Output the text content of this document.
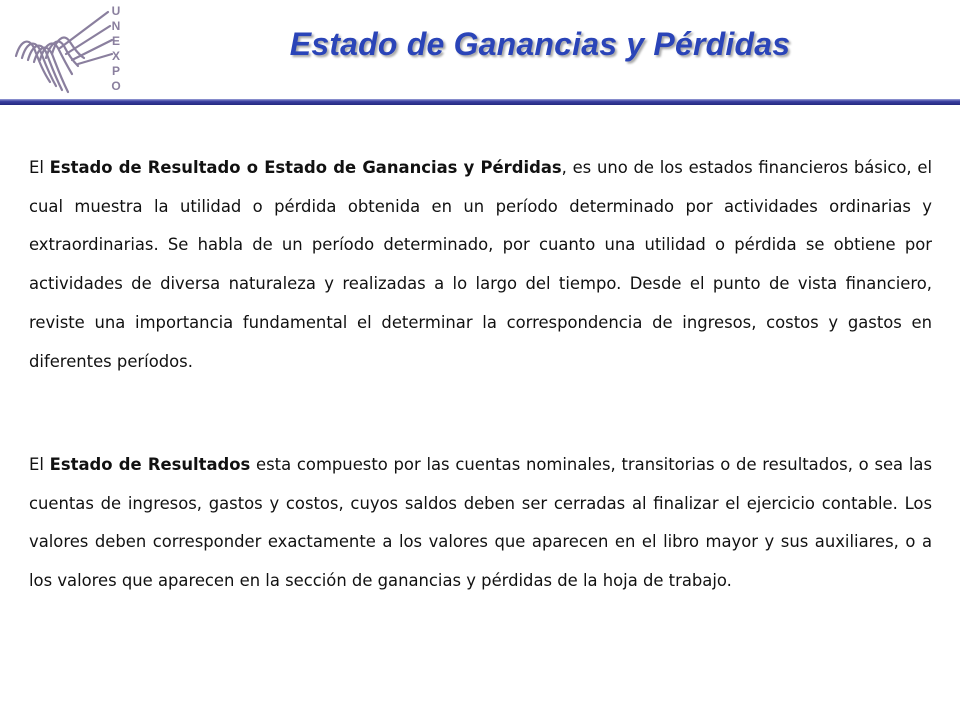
U
N
E
X
P
O
Estado de Ganancias y Pérdidas

El Estado de Resultado o Estado de Ganancias y Pérdidas, es uno de los estados financieros básico, el cual muestra la utilidad o pérdida obtenida en un período determinado por actividades ordinarias y extraordinarias. Se habla de un período determinado, por cuanto una utilidad o pérdida se obtiene por actividades de diversa naturaleza y realizadas a lo largo del tiempo. Desde el punto de vista financiero, reviste una importancia fundamental el determinar la correspondencia de ingresos, costos y gastos en diferentes períodos.

El Estado de Resultados esta compuesto por las cuentas nominales, transitorias o de resultados, o sea las cuentas de ingresos, gastos y costos, cuyos saldos deben ser cerradas al finalizar el ejercicio contable. Los valores deben corresponder exactamente a los valores que aparecen en el libro mayor y sus auxiliares, o a los valores que aparecen en la sección de ganancias y pérdidas de la hoja de trabajo.
